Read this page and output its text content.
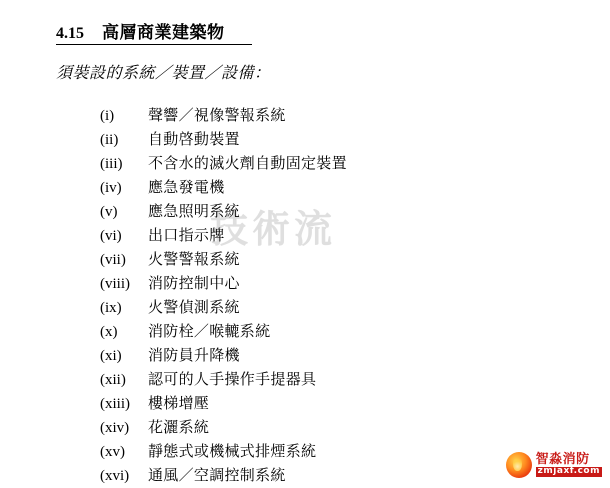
4.15 高層商業建築物
須裝設的系統／裝置／設備：
技術流
(i)	聲響／視像警報系統
(ii)	自動啓動裝置
(iii)	不含水的滅火劑自動固定裝置
(iv)	應急發電機
(v)	應急照明系統
(vi)	出口指示牌
(vii)	火警警報系統
(viii)	消防控制中心
(ix)	火警偵測系統
(x)	消防栓／喉轆系統
(xi)	消防員升降機
(xii)	認可的人手操作手提器具
(xiii)	樓梯增壓
(xiv)	花灑系統
(xv)	靜態式或機械式排煙系統
(xvi)	通風／空調控制系統
智淼消防
zmjaxf.com
